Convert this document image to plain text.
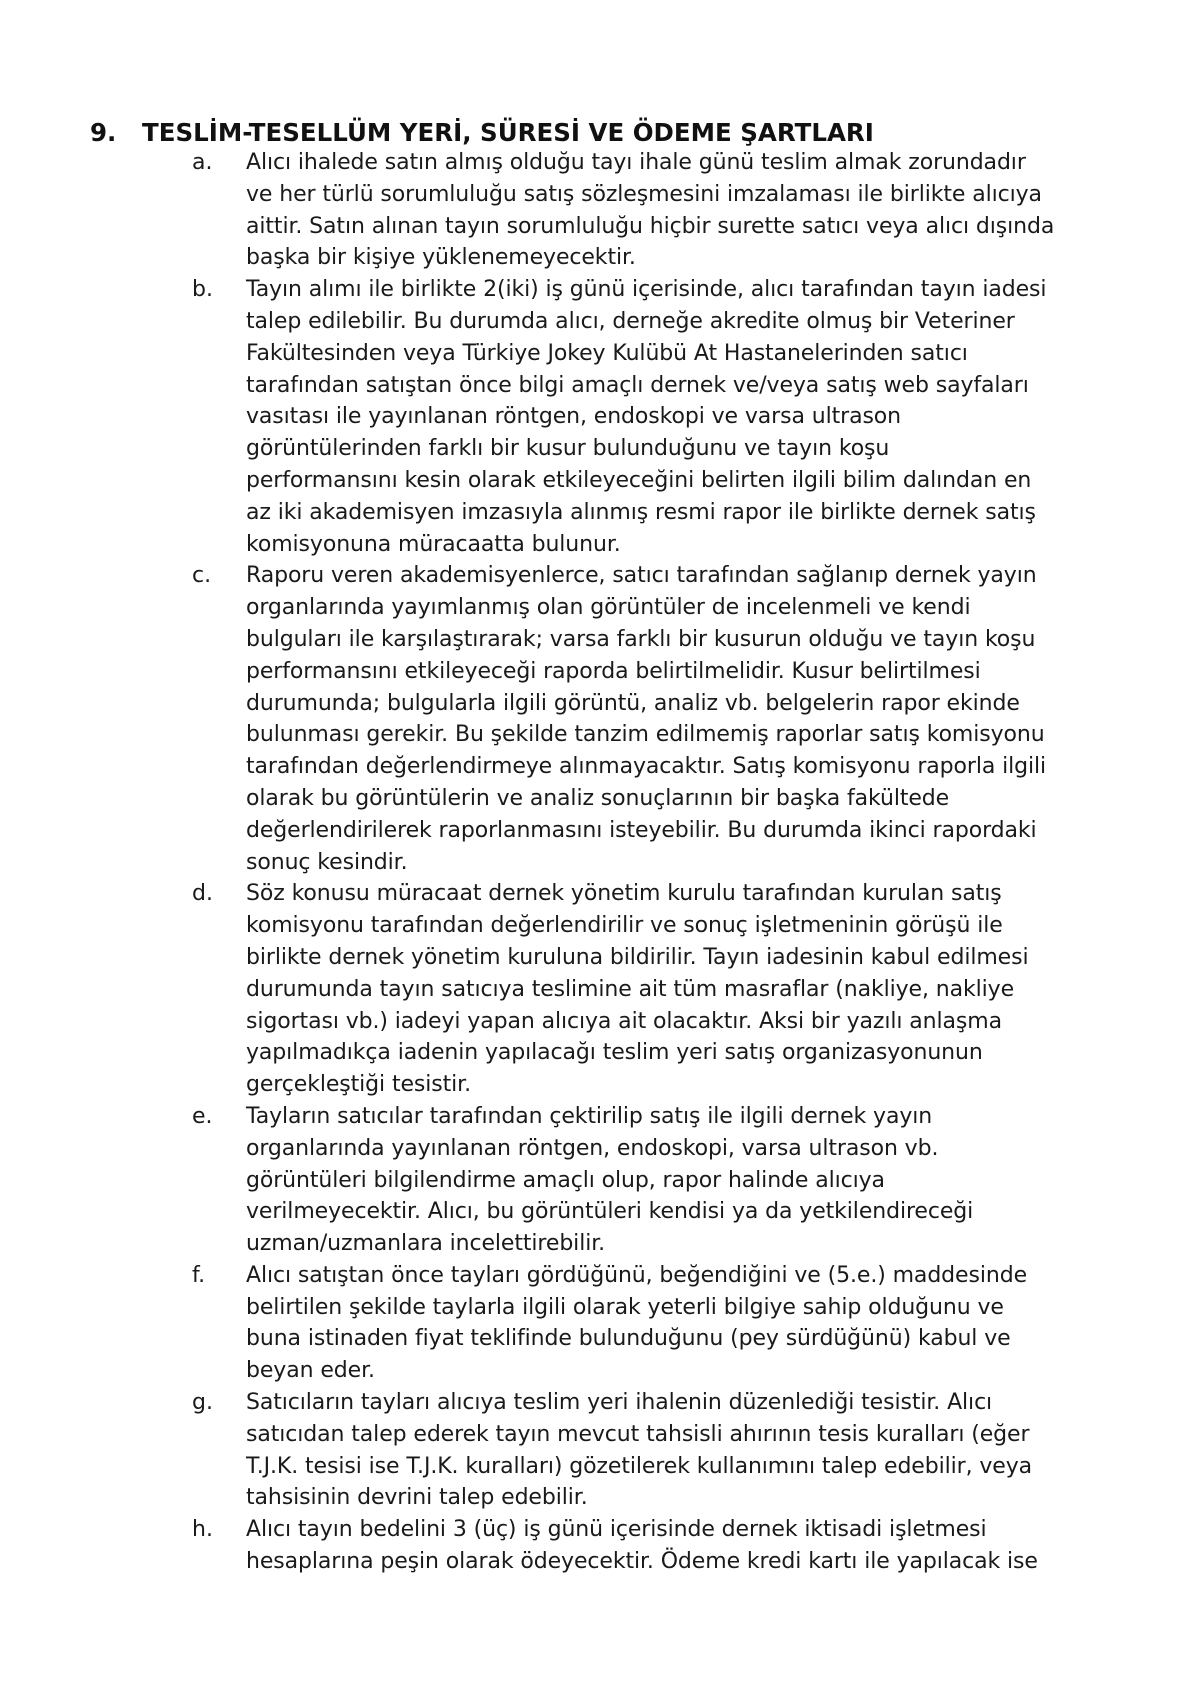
9. TESLİM-TESELLÜM YERİ, SÜRESİ VE ÖDEME ŞARTLARI
a.	Alıcı ihalede satın almış olduğu tayı ihale günü teslim almak zorundadır
ve her türlü sorumluluğu satış sözleşmesini imzalaması ile birlikte alıcıya
aittir. Satın alınan tayın sorumluluğu hiçbir surette satıcı veya alıcı dışında
başka bir kişiye yüklenemeyecektir.
b.	Tayın alımı ile birlikte 2(iki) iş günü içerisinde, alıcı tarafından tayın iadesi
talep edilebilir. Bu durumda alıcı, derneğe akredite olmuş bir Veteriner
Fakültesinden veya Türkiye Jokey Kulübü At Hastanelerinden satıcı
tarafından satıştan önce bilgi amaçlı dernek ve/veya satış web sayfaları
vasıtası ile yayınlanan röntgen, endoskopi ve varsa ultrason
görüntülerinden farklı bir kusur bulunduğunu ve tayın koşu
performansını kesin olarak etkileyeceğini belirten ilgili bilim dalından en
az iki akademisyen imzasıyla alınmış resmi rapor ile birlikte dernek satış
komisyonuna müracaatta bulunur.
c.	Raporu veren akademisyenlerce, satıcı tarafından sağlanıp dernek yayın
organlarında yayımlanmış olan görüntüler de incelenmeli ve kendi
bulguları ile karşılaştırarak; varsa farklı bir kusurun olduğu ve tayın koşu
performansını etkileyeceği raporda belirtilmelidir. Kusur belirtilmesi
durumunda; bulgularla ilgili görüntü, analiz vb. belgelerin rapor ekinde
bulunması gerekir. Bu şekilde tanzim edilmemiş raporlar satış komisyonu
tarafından değerlendirmeye alınmayacaktır. Satış komisyonu raporla ilgili
olarak bu görüntülerin ve analiz sonuçlarının bir başka fakültede
değerlendirilerek raporlanmasını isteyebilir. Bu durumda ikinci rapordaki
sonuç kesindir.
d.	Söz konusu müracaat dernek yönetim kurulu tarafından kurulan satış
komisyonu tarafından değerlendirilir ve sonuç işletmeninin görüşü ile
birlikte dernek yönetim kuruluna bildirilir. Tayın iadesinin kabul edilmesi
durumunda tayın satıcıya teslimine ait tüm masraflar (nakliye, nakliye
sigortası vb.) iadeyi yapan alıcıya ait olacaktır. Aksi bir yazılı anlaşma
yapılmadıkça iadenin yapılacağı teslim yeri satış organizasyonunun
gerçekleştiği tesistir.
e.	Tayların satıcılar tarafından çektirilip satış ile ilgili dernek yayın
organlarında yayınlanan röntgen, endoskopi, varsa ultrason vb.
görüntüleri bilgilendirme amaçlı olup, rapor halinde alıcıya
verilmeyecektir. Alıcı, bu görüntüleri kendisi ya da yetkilendireceği
uzman/uzmanlara incelettirebilir.
f.	Alıcı satıştan önce tayları gördüğünü, beğendiğini ve (5.e.) maddesinde
belirtilen şekilde taylarla ilgili olarak yeterli bilgiye sahip olduğunu ve
buna istinaden fiyat teklifinde bulunduğunu (pey sürdüğünü) kabul ve
beyan eder.
g.	Satıcıların tayları alıcıya teslim yeri ihalenin düzenlediği tesistir. Alıcı
satıcıdan talep ederek tayın mevcut tahsisli ahırının tesis kuralları (eğer
T.J.K. tesisi ise T.J.K. kuralları) gözetilerek kullanımını talep edebilir, veya
tahsisinin devrini talep edebilir.
h.	Alıcı tayın bedelini 3 (üç) iş günü içerisinde dernek iktisadi işletmesi
hesaplarına peşin olarak ödeyecektir. Ödeme kredi kartı ile yapılacak ise
